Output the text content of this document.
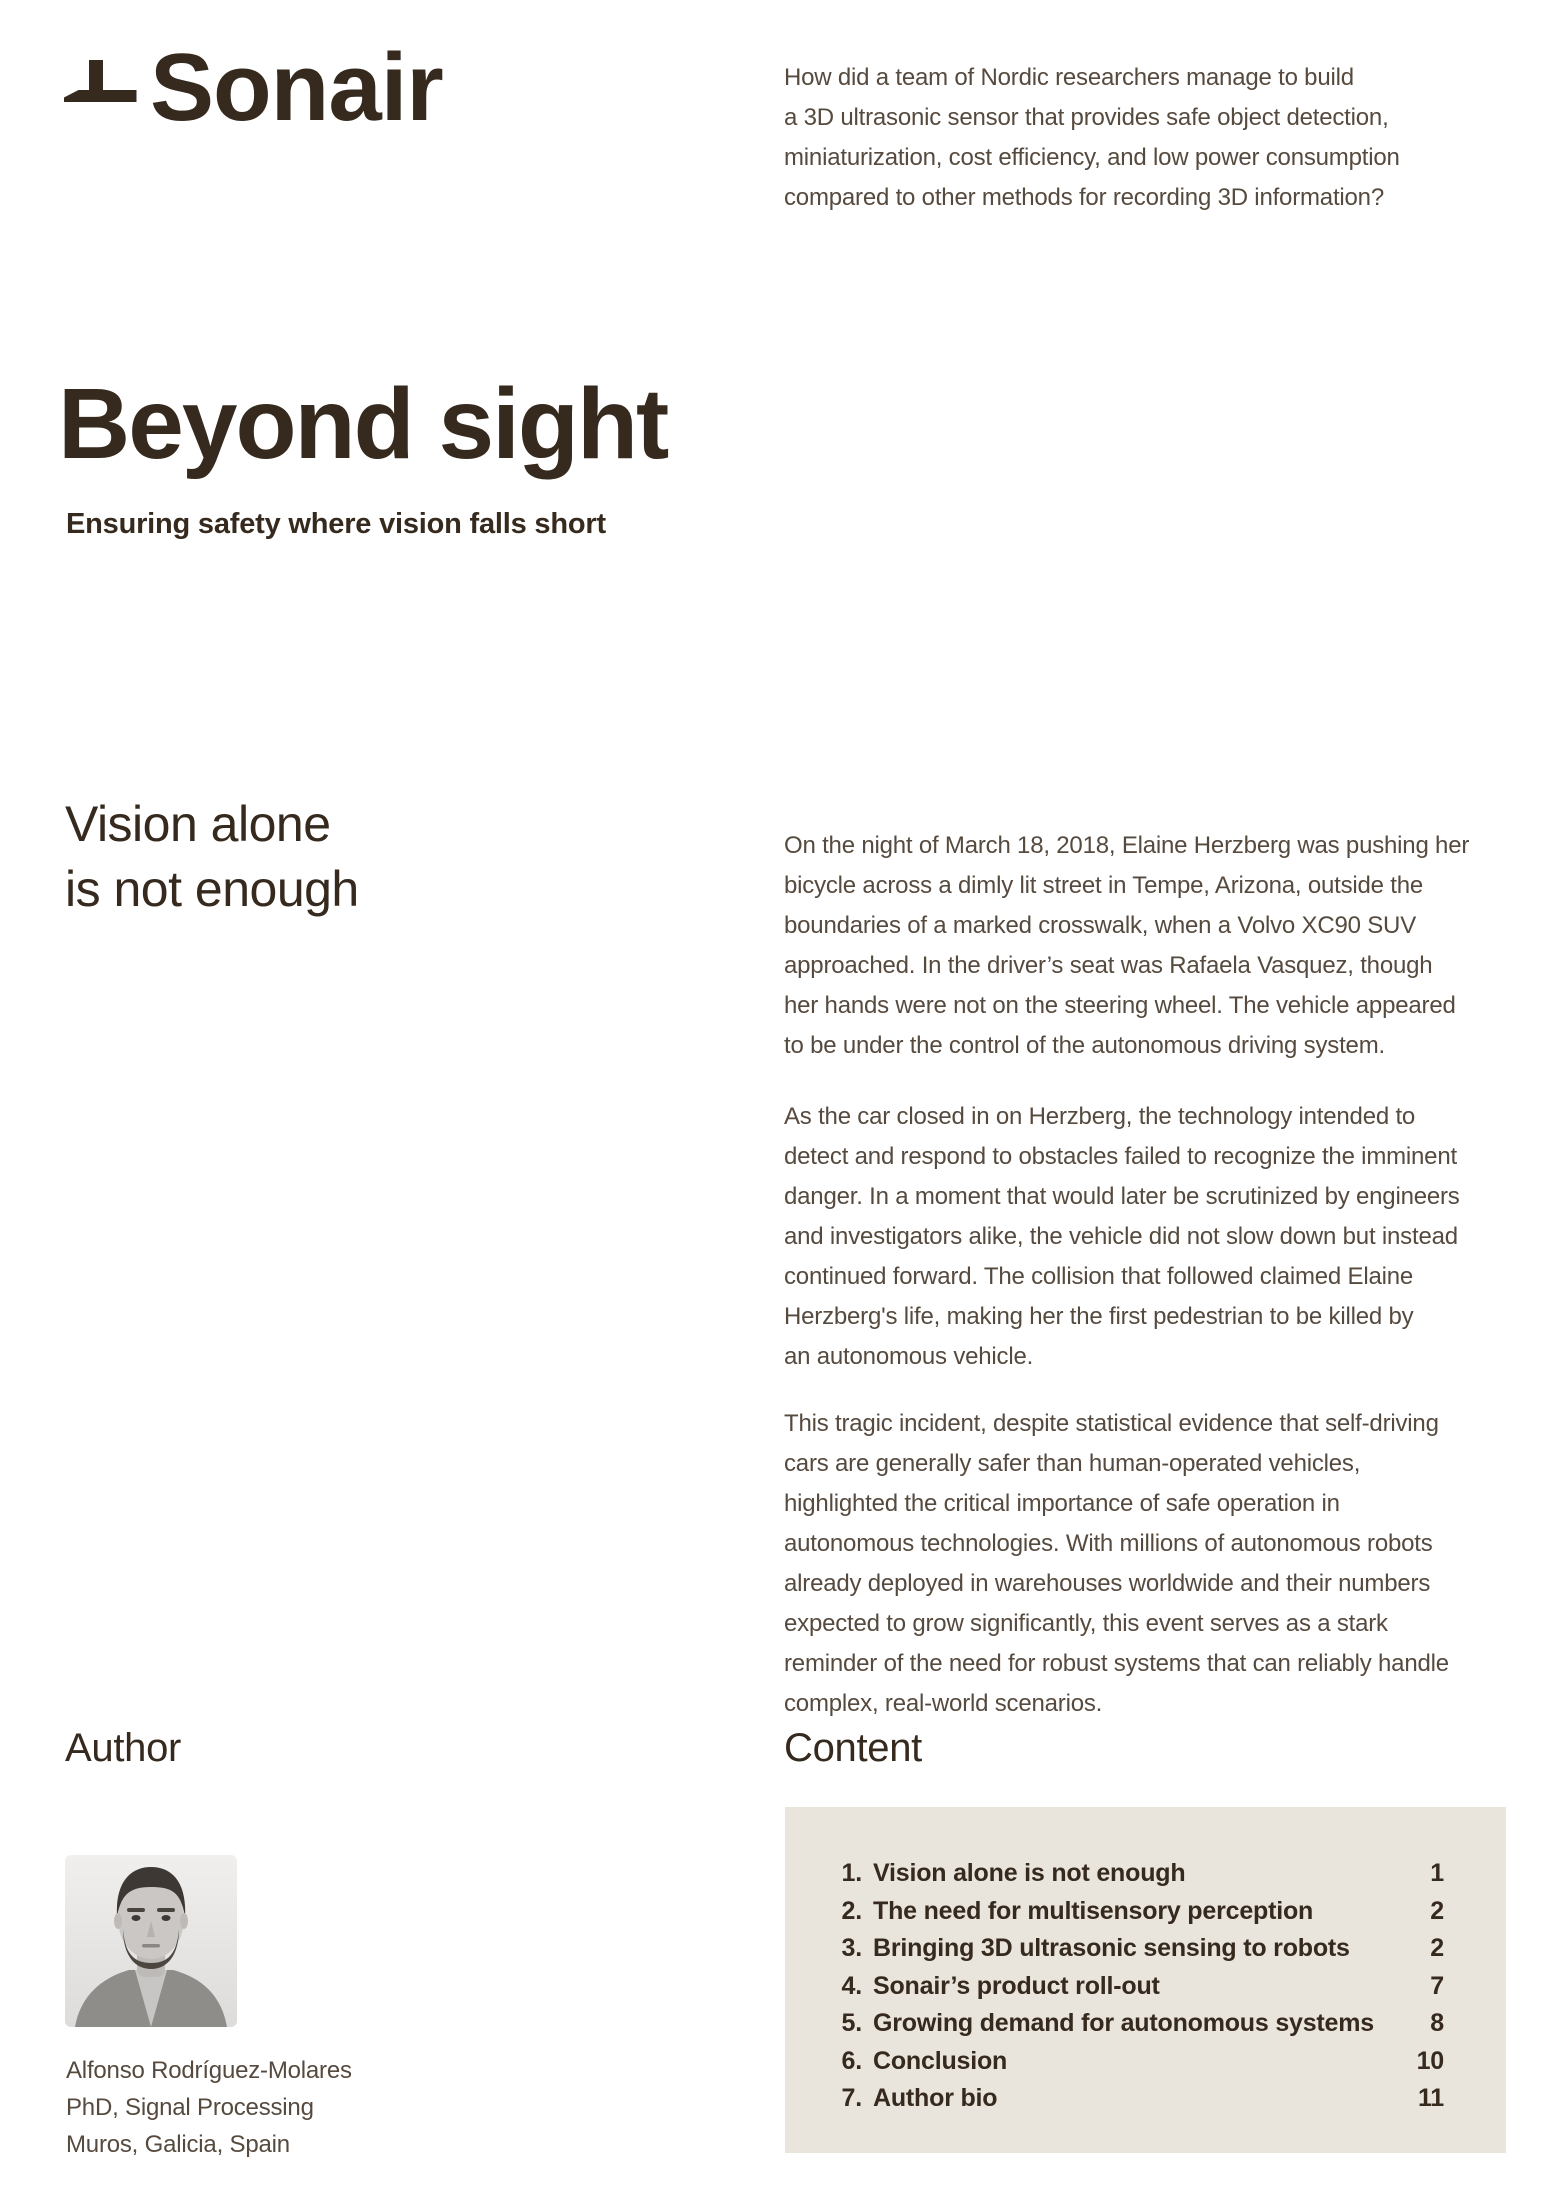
Sonair	How did a team of Nordic researchers manage to build
a 3D ultrasonic sensor that provides safe object detection,
miniaturization, cost efficiency, and low power consumption
compared to other methods for recording 3D information?
Beyond sight
Ensuring safety where vision falls short
Vision alone
is not enough
On the night of March 18, 2018, Elaine Herzberg was pushing her
bicycle across a dimly lit street in Tempe, Arizona, outside the
boundaries of a marked crosswalk, when a Volvo XC90 SUV
approached. In the driver’s seat was Rafaela Vasquez, though
her hands were not on the steering wheel. The vehicle appeared
to be under the control of the autonomous driving system.
As the car closed in on Herzberg, the technology intended to
detect and respond to obstacles failed to recognize the imminent
danger. In a moment that would later be scrutinized by engineers
and investigators alike, the vehicle did not slow down but instead
continued forward. The collision that followed claimed Elaine
Herzberg's life, making her the first pedestrian to be killed by
an autonomous vehicle.
This tragic incident, despite statistical evidence that self-driving
cars are generally safer than human-operated vehicles,
highlighted the critical importance of safe operation in
autonomous technologies. With millions of autonomous robots
already deployed in warehouses worldwide and their numbers
expected to grow significantly, this event serves as a stark
reminder of the need for robust systems that can reliably handle
complex, real-world scenarios.
Author
Alfonso Rodríguez-Molares
PhD, Signal Processing
Muros, Galicia, Spain
Content
1. Vision alone is not enough	1
2. The need for multisensory perception	2
3. Bringing 3D ultrasonic sensing to robots	2
4. Sonair’s product roll-out	7
5. Growing demand for autonomous systems	8
6. Conclusion	10
7. Author bio	11
